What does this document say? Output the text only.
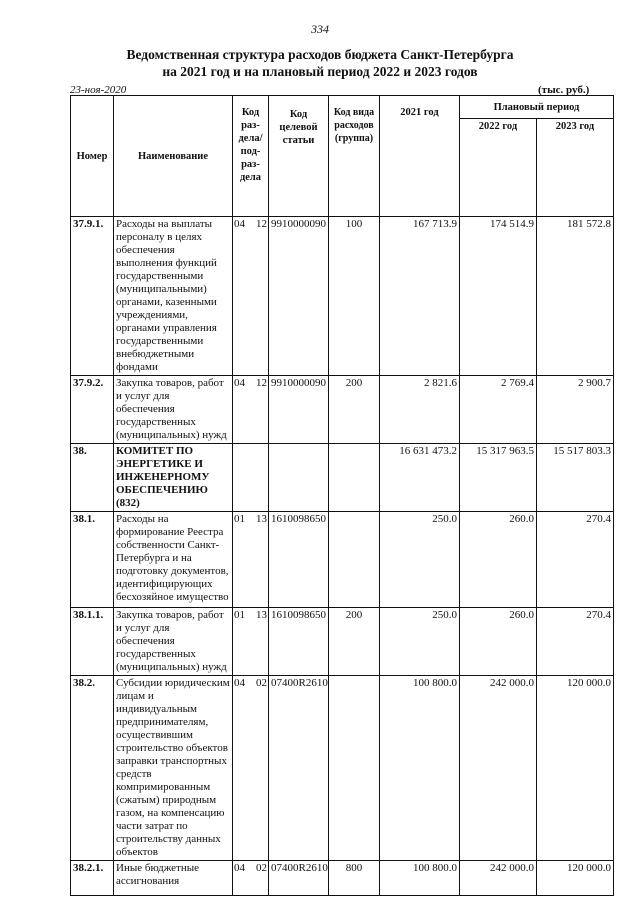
334
Ведомственная структура расходов бюджета Санкт-Петербурга
на 2021 год и на плановый период 2022 и 2023 годов
23-ноя-2020	(тыс. руб.)
Номер	Наименование	Код раз-дела/ под-раз-дела	Код целевой статьи	Код вида расходов (группа)	2021 год	Плановый период	
						2022 год	2023 год
37.9.1.	Расходы на выплаты персоналу в целях обеспечения выполнения функций государственными (муниципальными) органами, казенными учреждениями, органами управления государственными внебюджетными фондами	04 12	9910000090	100	167 713.9	174 514.9	181 572.8
37.9.2.	Закупка товаров, работ и услуг для обеспечения государственных (муниципальных) нужд	04 12	9910000090	200	2 821.6	2 769.4	2 900.7
38.	КОМИТЕТ ПО ЭНЕРГЕТИКЕ И ИНЖЕНЕРНОМУ ОБЕСПЕЧЕНИЮ (832)				16 631 473.2	15 317 963.5	15 517 803.3
38.1.	Расходы на формирование Реестра собственности Санкт-Петербурга и на подготовку документов, идентифицирующих бесхозяйное имущество	01 13	1610098650		250.0	260.0	270.4
38.1.1.	Закупка товаров, работ и услуг для обеспечения государственных (муниципальных) нужд	01 13	1610098650	200	250.0	260.0	270.4
38.2.	Субсидии юридическим лицам и индивидуальным предпринимателям, осуществившим строительство объектов заправки транспортных средств компримированным (сжатым) природным газом, на компенсацию части затрат по строительству данных объектов	04 02	07400R2610		100 800.0	242 000.0	120 000.0
38.2.1.	Иные бюджетные ассигнования	04 02	07400R2610	800	100 800.0	242 000.0	120 000.0
